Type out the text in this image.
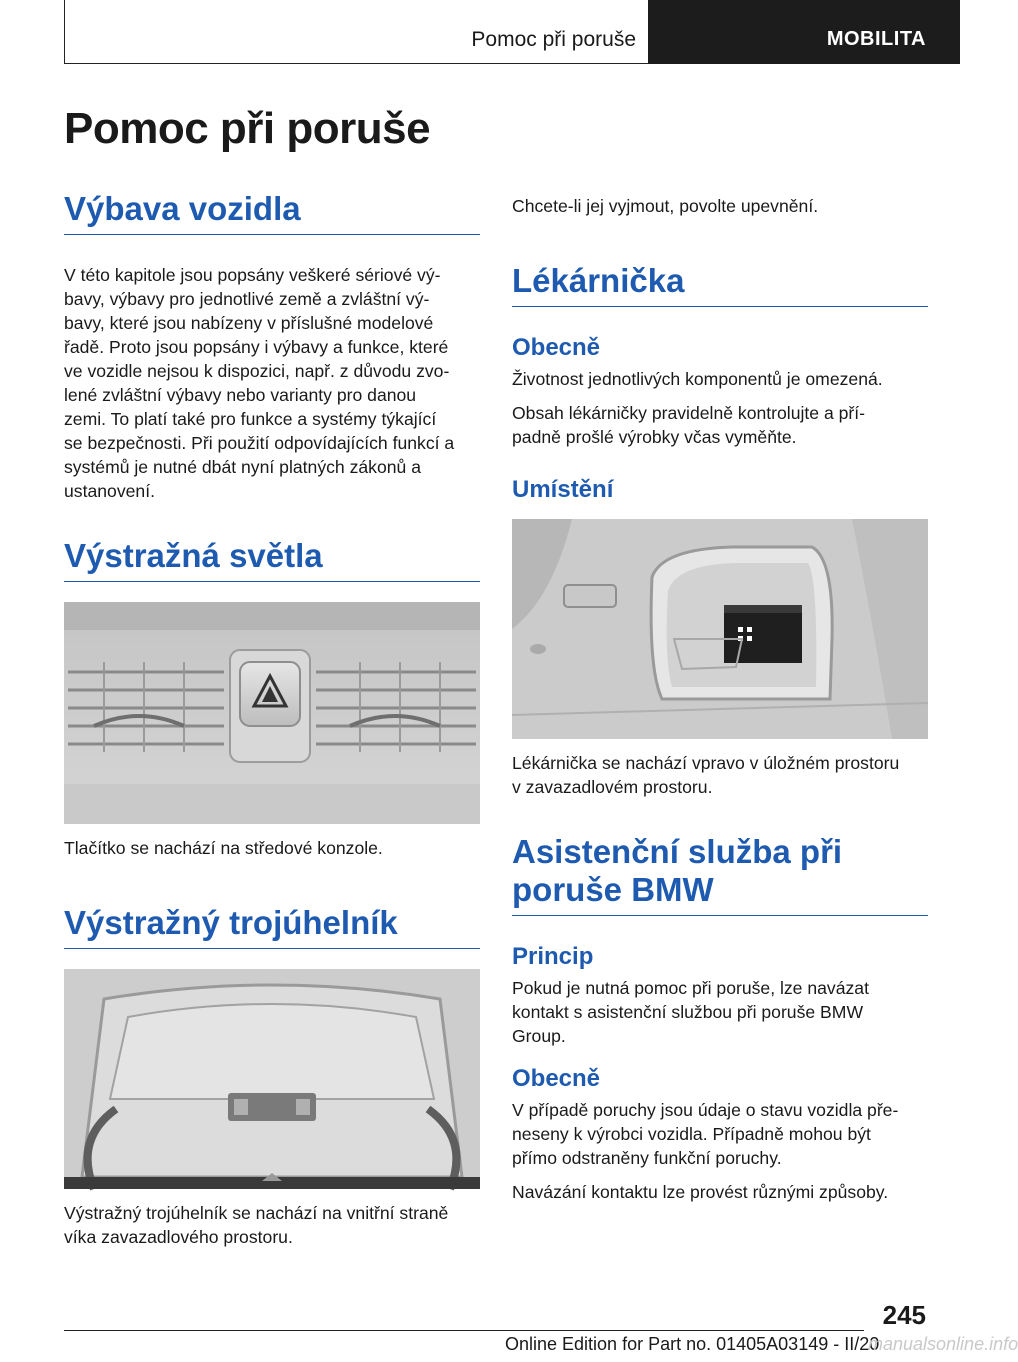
Pomoc při poruše	MOBILITA
Pomoc při poruše
Výbava vozidla

V této kapitole jsou popsány veškeré sériové vý-
bavy, výbavy pro jednotlivé země a zvláštní vý-
bavy, které jsou nabízeny v příslušné modelové
řadě. Proto jsou popsány i výbavy a funkce, které
ve vozidle nejsou k dispozici, např. z důvodu zvo-
lené zvláštní výbavy nebo varianty pro danou
zemi. To platí také pro funkce a systémy týkající
se bezpečnosti. Při použití odpovídajících funkcí a
systémů je nutné dbát nyní platných zákonů a
ustanovení.

Výstražná světla

Tlačítko se nachází na středové konzole.

Výstražný trojúhelník

Výstražný trojúhelník se nachází na vnitřní straně
víka zavazadlového prostoru.

Chcete-li jej vyjmout, povolte upevnění.

Lékárnička
Obecně

Životnost jednotlivých komponentů je omezená.

Obsah lékárničky pravidelně kontrolujte a pří-
padně prošlé výrobky včas vyměňte.

Umístění

Lékárnička se nachází vpravo v úložném prostoru
v zavazadlovém prostoru.

Asistenční služba při
poruše BMW
Princip

Pokud je nutná pomoc při poruše, lze navázat
kontakt s asistenční službou při poruše BMW
Group.

Obecně

V případě poruchy jsou údaje o stavu vozidla pře-
neseny k výrobci vozidla. Případně mohou být
přímo odstraněny funkční poruchy.

Navázání kontaktu lze provést různými způsoby.

245
Online Edition for Part no. 01405A03149 - II/20
manualsonline.info
